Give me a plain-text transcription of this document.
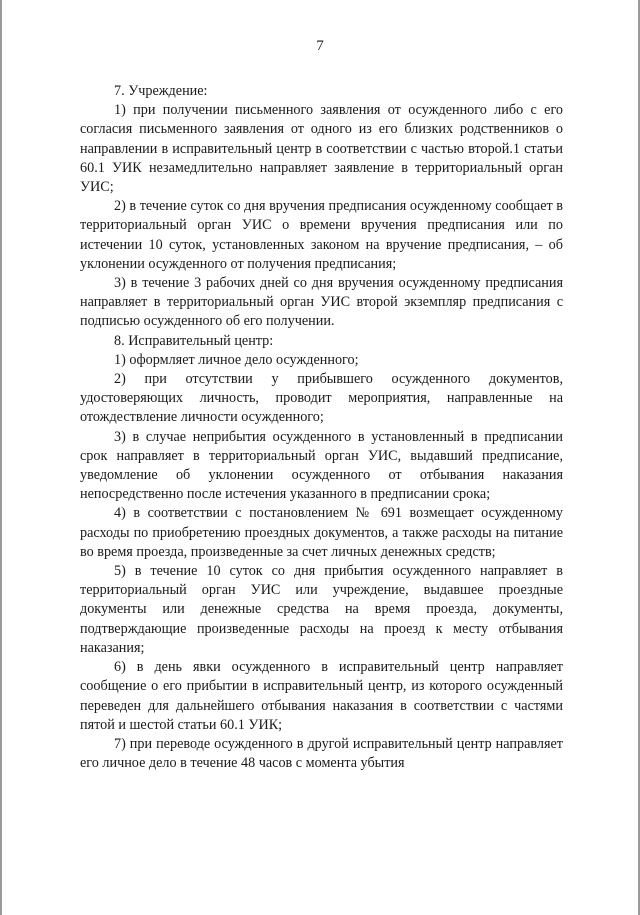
7

7. Учреждение:

1) при получении письменного заявления от осужденного либо с его согласия письменного заявления от одного из его близких родственников о направлении в исправительный центр в соответствии с частью второй.1 статьи 60.1 УИК незамедлительно направляет заявление в территориальный орган УИС;

2) в течение суток со дня вручения предписания осужденному сообщает в территориальный орган УИС о времени вручения предписания или по истечении 10 суток, установленных законом на вручение предписания, – об уклонении осужденного от получения предписания;

3) в течение 3 рабочих дней со дня вручения осужденному предписания направляет в территориальный орган УИС второй экземпляр предписания с подписью осужденного об его получении.

8. Исправительный центр:

1) оформляет личное дело осужденного;

2) при отсутствии у прибывшего осужденного документов, удостоверяющих личность, проводит мероприятия, направленные на отождествление личности осужденного;

3) в случае неприбытия осужденного в установленный в предписании срок направляет в территориальный орган УИС, выдавший предписание, уведомление об уклонении осужденного от отбывания наказания непосредственно после истечения указанного в предписании срока;

4) в соответствии с постановлением № 691 возмещает осужденному расходы по приобретению проездных документов, а также расходы на питание во время проезда, произведенные за счет личных денежных средств;

5) в течение 10 суток со дня прибытия осужденного направляет в территориальный орган УИС или учреждение, выдавшее проездные документы или денежные средства на время проезда, документы, подтверждающие произведенные расходы на проезд к месту отбывания наказания;

6) в день явки осужденного в исправительный центр направляет сообщение о его прибытии в исправительный центр, из которого осужденный переведен для дальнейшего отбывания наказания в соответствии с частями пятой и шестой статьи 60.1 УИК;

7) при переводе осужденного в другой исправительный центр направляет его личное дело в течение 48 часов с момента убытия
